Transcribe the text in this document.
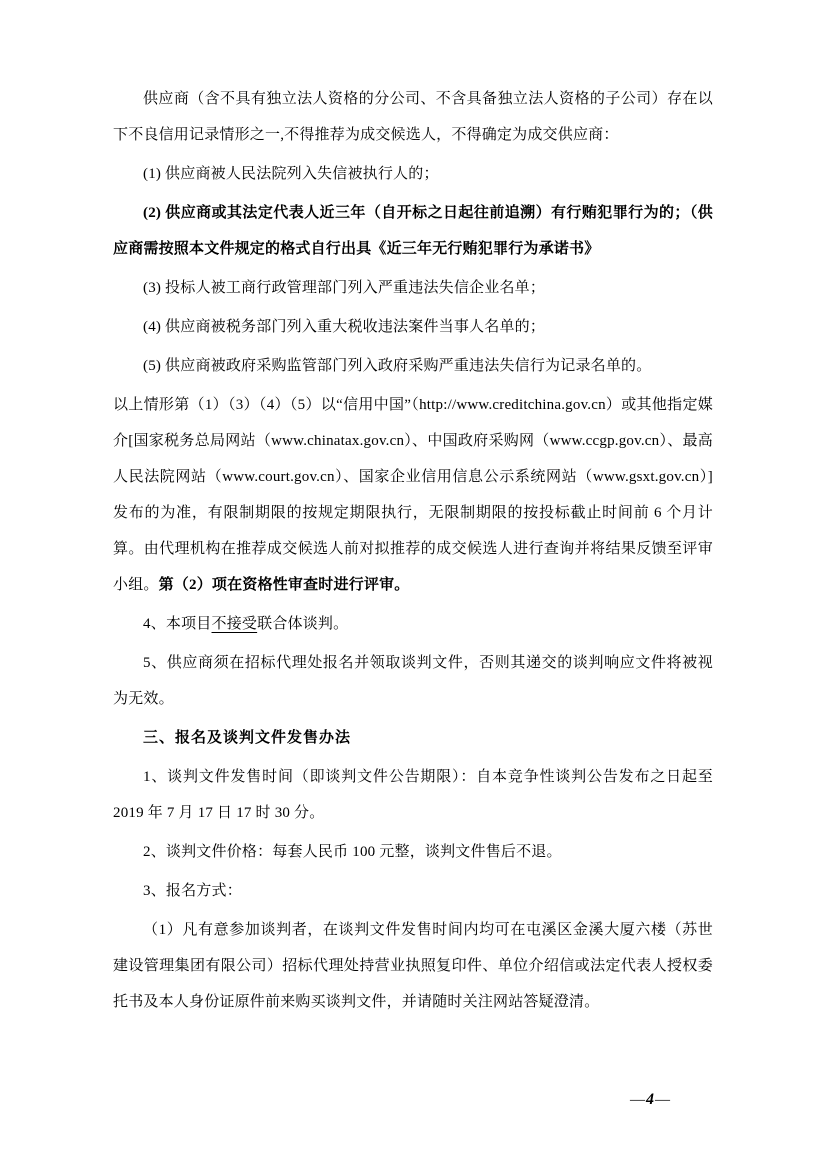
供应商（含不具有独立法人资格的分公司、不含具备独立法人资格的子公司）存在以下不良信用记录情形之一,不得推荐为成交候选人，不得确定为成交供应商：

(1) 供应商被人民法院列入失信被执行人的；

(2) 供应商或其法定代表人近三年（自开标之日起往前追溯）有行贿犯罪行为的；（供应商需按照本文件规定的格式自行出具《近三年无行贿犯罪行为承诺书》

(3) 投标人被工商行政管理部门列入严重违法失信企业名单；

(4) 供应商被税务部门列入重大税收违法案件当事人名单的；

(5) 供应商被政府采购监管部门列入政府采购严重违法失信行为记录名单的。

以上情形第（1）（3）（4）（5）以“信用中国”（http://www.creditchina.gov.cn）或其他指定媒介[国家税务总局网站（www.chinatax.gov.cn）、中国政府采购网（www.ccgp.gov.cn）、最高人民法院网站（www.court.gov.cn）、国家企业信用信息公示系统网站（www.gsxt.gov.cn）]发布的为准，有限制期限的按规定期限执行，无限制期限的按投标截止时间前 6 个月计算。由代理机构在推荐成交候选人前对拟推荐的成交候选人进行查询并将结果反馈至评审小组。第（2）项在资格性审查时进行评审。

4、本项目不接受联合体谈判。

5、供应商须在招标代理处报名并领取谈判文件，否则其递交的谈判响应文件将被视为无效。

三、报名及谈判文件发售办法

1、谈判文件发售时间（即谈判文件公告期限）：自本竞争性谈判公告发布之日起至 2019 年 7 月 17 日 17 时 30 分。

2、谈判文件价格：每套人民币 100 元整，谈判文件售后不退。

3、报名方式：

（1）凡有意参加谈判者，在谈判文件发售时间内均可在屯溪区金溪大厦六楼（苏世建设管理集团有限公司）招标代理处持营业执照复印件、单位介绍信或法定代表人授权委托书及本人身份证原件前来购买谈判文件，并请随时关注网站答疑澄清。

—4—
